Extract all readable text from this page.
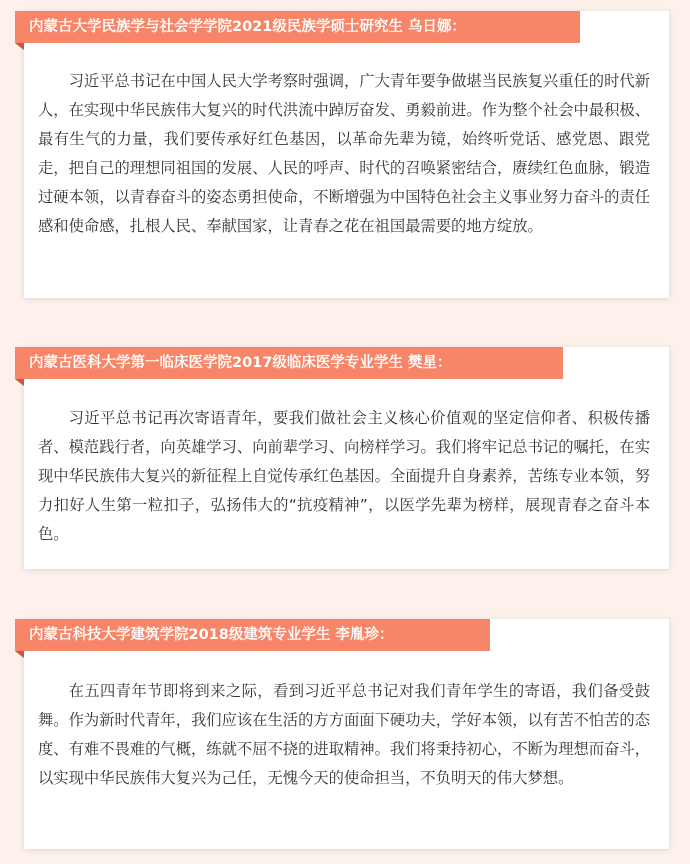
内蒙古大学民族学与社会学学院2021级民族学硕士研究生 乌日娜：

习近平总书记在中国人民大学考察时强调，广大青年要争做堪当民族复兴重任的时代新人，在实现中华民族伟大复兴的时代洪流中踔厉奋发、勇毅前进。作为整个社会中最积极、最有生气的力量，我们要传承好红色基因，以革命先辈为镜，始终听党话、感党恩、跟党走，把自己的理想同祖国的发展、人民的呼声、时代的召唤紧密结合，赓续红色血脉，锻造过硬本领，以青春奋斗的姿态勇担使命，不断增强为中国特色社会主义事业努力奋斗的责任感和使命感，扎根人民、奉献国家，让青春之花在祖国最需要的地方绽放。

内蒙古医科大学第一临床医学院2017级临床医学专业学生 樊星：

习近平总书记再次寄语青年，要我们做社会主义核心价值观的坚定信仰者、积极传播者、模范践行者，向英雄学习、向前辈学习、向榜样学习。我们将牢记总书记的嘱托，在实现中华民族伟大复兴的新征程上自觉传承红色基因。全面提升自身素养，苦练专业本领，努力扣好人生第一粒扣子，弘扬伟大的“抗疫精神”，以医学先辈为榜样，展现青春之奋斗本色。

内蒙古科技大学建筑学院2018级建筑专业学生 李胤珍：

在五四青年节即将到来之际，看到习近平总书记对我们青年学生的寄语，我们备受鼓舞。作为新时代青年，我们应该在生活的方方面面下硬功夫，学好本领，以有苦不怕苦的态度、有难不畏难的气概，练就不屈不挠的进取精神。我们将秉持初心，不断为理想而奋斗，以实现中华民族伟大复兴为己任，无愧今天的使命担当，不负明天的伟大梦想。
